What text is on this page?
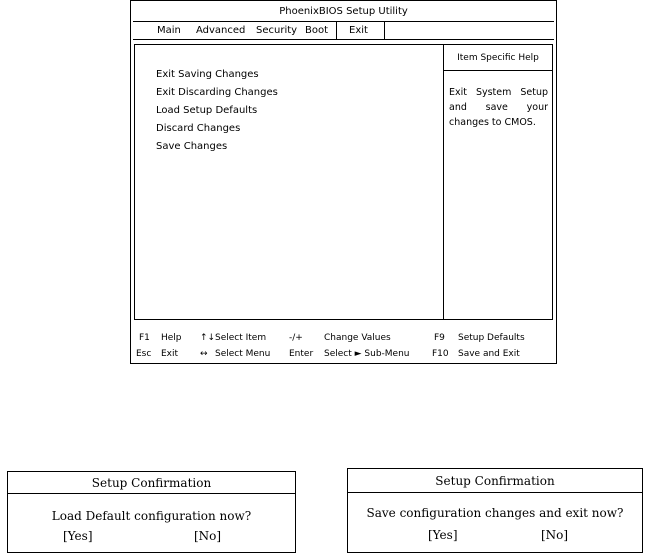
PhoenixBIOS Setup Utility
Main Advanced Security Boot	Exit
Exit Saving Changes
Exit Discarding Changes
Load Setup Defaults
Discard Changes
Save Changes
Item Specific Help
Exit System Setup and save your changes to CMOS.
F1 Help ↑↓ Select Item	-/+ Change Values	F9 Setup Defaults
Esc Exit ↔ Select Menu Enter Select ► Sub-Menu	F10 Save and Exit
Setup Confirmation
Load Default configuration now?
[Yes]	[No]
Setup Confirmation
Save configuration changes and exit now?
[Yes]	[No]
